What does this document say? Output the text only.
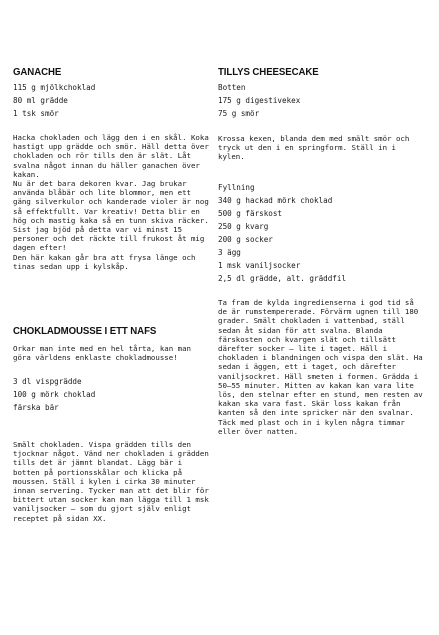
GANACHE
115 g mjölkchoklad
80 ml grädde
1 tsk smör

Hacka chokladen och lägg den i en skål. Koka hastigt upp grädde och smör. Häll detta över chokladen och rör tills den är slät. Låt svalna något innan du häller ganachen över kakan.

Nu är det bara dekoren kvar. Jag brukar använda blåbär och lite blommor, men ett gäng silverkulor och kanderade violer är nog så effektfullt. Var kreativ! Detta blir en hög och mastig kaka så en tunn skiva räcker. Sist jag bjöd på detta var vi minst 15 personer och det räckte till frukost åt mig dagen efter!

Den här kakan går bra att frysa länge och tinas sedan upp i kylskåp.

CHOKLADMOUSSE I ETT NAFS
Orkar man inte med en hel tårta, kan man göra världens enklaste chokladmousse!
3 dl vispgrädde
100 g mörk choklad
färska bär
Smält chokladen. Vispa grädden tills den tjocknar något. Vänd ner chokladen i grädden tills det är jämnt blandat. Lägg bär i botten på portionsskålar och klicka på moussen. Ställ i kylen i cirka 30 minuter innan servering. Tycker man att det blir för bittert utan socker kan man lägga till 1 msk vaniljsocker – som du gjort själv enligt receptet på sidan XX.
TILLYS CHEESECAKE
Botten
175 g digestivekex
75 g smör
Krossa kexen, blanda dem med smält smör och tryck ut den i en springform. Ställ in i kylen.
Fyllning
340 g hackad mörk choklad
500 g färskost
250 g kvarg
200 g socker
3 ägg
1 msk vaniljsocker
2,5 dl grädde, alt. gräddfil
Ta fram de kylda ingredienserna i god tid så de är rumstempererade. Förvärm ugnen till 180 grader. Smält chokladen i vattenbad, ställ sedan åt sidan för att svalna. Blanda färskosten och kvargen slät och tillsätt därefter socker – lite i taget. Häll i chokladen i blandningen och vispa den slät. Ha sedan i äggen, ett i taget, och därefter vaniljsockret. Häll smeten i formen. Grädda i 50–55 minuter. Mitten av kakan kan vara lite lös, den stelnar efter en stund, men resten av kakan ska vara fast. Skär loss kakan från kanten så den inte spricker när den svalnar. Täck med plast och in i kylen några timmar eller över natten.
